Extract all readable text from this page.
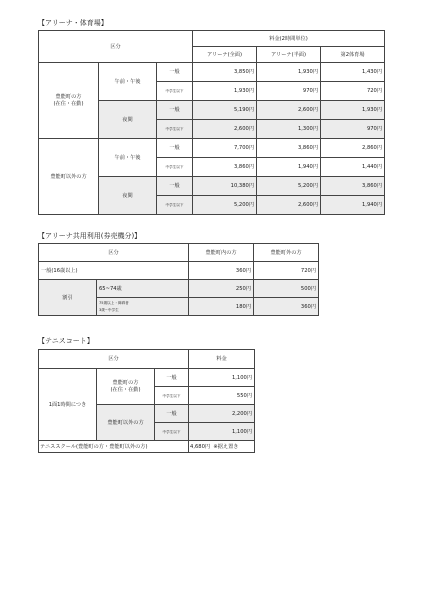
【アリーナ・体育場】
区分			料金(2時間単位)		
			アリーナ(全面)	アリーナ(半面)	第2体育場

豊能町の方
(在住・在勤)	午前・午後	一般	3,850円	1,930円	1,430円
		中学生以下	1,930円	970円	720円
	夜間	一般	5,190円	2,600円	1,930円
		中学生以下	2,600円	1,300円	970円
豊能町以外の方	午前・午後	一般	7,700円	3,860円	2,860円
		中学生以下	3,860円	1,940円	1,440円
	夜間	一般	10,380円	5,200円	3,860円
		中学生以下	5,200円	2,600円	1,940円
【アリーナ共用利用(券売機分)】
区分		豊能町内の方	豊能町外の方
一般(16歳以上)		360円	720円
割引	65~74歳	250円	500円

	75歳以上・障碍者
3歳~中学生	180円	360円
【テニスコート】
区分			料金
1面1時間につき	豊能町の方
(在住・在勤)	一般	1,100円
		中学生以下	550円
	豊能町以外の方	一般	2,200円
		中学生以下	1,100円
テニススクール(豊能町の方・豊能町以外の方)			4,680円 ※据え置き
